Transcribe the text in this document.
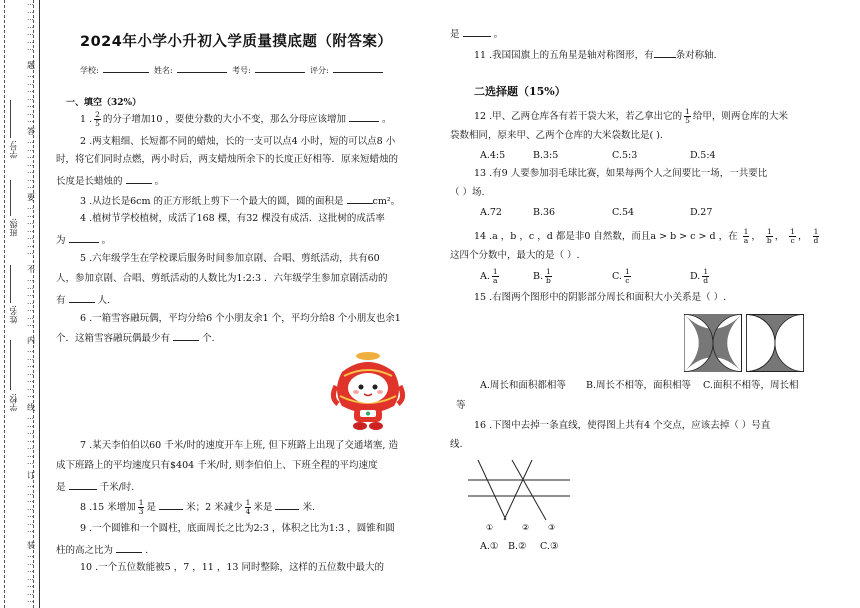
学校:
姓名:
班级:
学号:
…
…
…
…
…
…
…
题
…
…
…
…
…
…
…
答
…
…
…
…
…
…
…
要
…
…
…
…
…
…
…
不
…
…
…
…
…
…
…
内
…
…
…
…
…
…
…
线
…
…
…
…
…
…
…
订
…
…
…
…
…
…
…
装
…
…
…
…
…
…
…
2024年小学小升初入学质量摸底题（附答案）
学校:	姓名:	考号:	评分:
一、填空（32%）
1 . $\frac{2}{5}$ 的分子增加10 ，要使分数的大小不变，那么分母应该增加	。
2 .两支粗细、长短都不同的蜡烛，长的一支可以点4 小时，短的可以点8 小
时，将它们同时点燃，两小时后，两支蜡烛所余下的长度正好相等．原来短蜡烛的
长度是长蜡烛的	。
3 .从边长是6cm 的正方形纸上剪下一个最大的圆，圆的面积是	cm²。
4 .植树节学校植树，成活了168 棵，有32 棵没有成活．这批树的成活率
为	。
5 .六年级学生在学校课后服务时间参加京剧、合唱、剪纸活动，共有60
人，参加京剧、合唱、剪纸活动的人数比为1:2:3 ．六年级学生参加京剧活动的
有	人.
6 .一箱雪容融玩偶，平均分给6 个小朋友余1 个，平均分给8 个小朋友也余1
个．这箱雪容融玩偶最少有	个.
7 .某天李伯伯以60 千米/时的速度开车上班, 但下班路上出现了交通堵塞, 造
成下班路上的平均速度只有$404 千米/时, 则李伯伯上、下班全程的平均速度
是	千米/时.
8 .15 米增加 $\frac{1}{3}$ 是	米；2 米减少 $\frac{1}{4}$ 米是	米.
9 .一个圆锥和一个圆柱，底面周长之比为2:3 ，体积之比为1:3 ，圆锥和圆
柱的高之比为	.
10 .一个五位数能被5 ，7 ，11 ，13 同时整除，这样的五位数中最大的
是	。
11 .我国国旗上的五角星是轴对称图形，有 条对称轴.
二选择题（15%）
12 .甲、乙两仓库各有若干袋大米，若乙拿出它的 $\frac{1}{5}$ 给甲，则两仓库的大米
袋数相同，原来甲、乙两个仓库的大米袋数比是( ).
A.4:5	B.3:5	C.5:3	D.5:4
13 .有9 人要参加羽毛球比赛，如果每两个人之间要比一场，一共要比
（ ）场.
A.72	B.36	C.54	D.27
14 .a ，b ，c ，d 都是非0 自然数，而且a > b > c > d ，在 $\frac{1}{a}$ ， $\frac{1}{b}$ ， $\frac{1}{c}$ ， $\frac{1}{d}$
这四个分数中，最大的是（ ）.
A. $\frac{1}{a}$	B. $\frac{1}{b}$	C. $\frac{1}{c}$	D. $\frac{1}{d}$
15 .右图两个图形中的阴影部分周长和面积大小关系是（ ）.
A.周长和面积都相等 B.周长不相等，面积相等 C.面积不相等，周长相
等
16 .下图中去掉一条直线，使得图上共有4 个交点，应该去掉（ ）号直
线.
①	② ③
A.① B.② C.③
